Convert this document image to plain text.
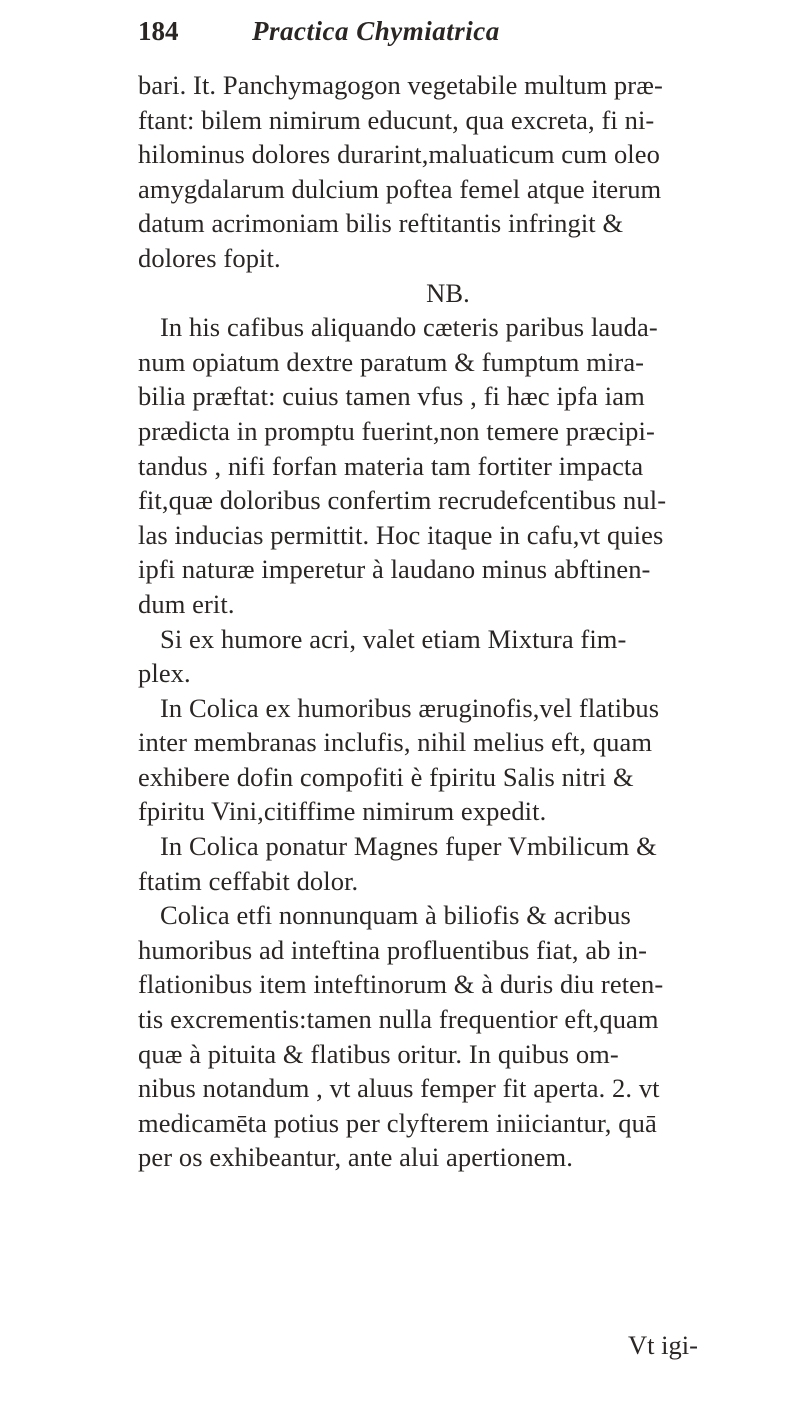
184	Practica Chymiatrica
bari. It. Panchymagogon vegetabile multum præ-
ftant: bilem nimirum educunt, qua excreta, fi ni-
hilominus dolores durarint,maluaticum cum oleo
amygdalarum dulcium poftea femel atque iterum
datum acrimoniam bilis reftitantis infringit &
dolores fopit.
NB.
In his cafibus aliquando cæteris paribus lauda-
num opiatum dextre paratum & fumptum mira-
bilia præftat: cuius tamen vfus , fi hæc ipfa iam
prædicta in promptu fuerint,non temere præcipi-
tandus , nifi forfan materia tam fortiter impacta
fit,quæ doloribus confertim recrudefcentibus nul-
las inducias permittit. Hoc itaque in cafu,vt quies
ipfi naturæ imperetur à laudano minus abftinen-
dum erit.
Si ex humore acri, valet etiam Mixtura fim-
plex.
In Colica ex humoribus æruginofis,vel flatibus
inter membranas inclufis, nihil melius eft, quam
exhibere dofin compofiti è fpiritu Salis nitri &
fpiritu Vini,citiffime nimirum expedit.
In Colica ponatur Magnes fuper Vmbilicum &
ftatim ceffabit dolor.
Colica etfi nonnunquam à biliofis & acribus
humoribus ad inteftina profluentibus fiat, ab in-
flationibus item inteftinorum & à duris diu reten-
tis excrementis:tamen nulla frequentior eft,quam
quæ à pituita & flatibus oritur. In quibus om-
nibus notandum , vt aluus femper fit aperta. 2. vt
medicamēta potius per clyfterem iniiciantur, quā
per os exhibeantur, ante alui apertionem.
Vt igi-
